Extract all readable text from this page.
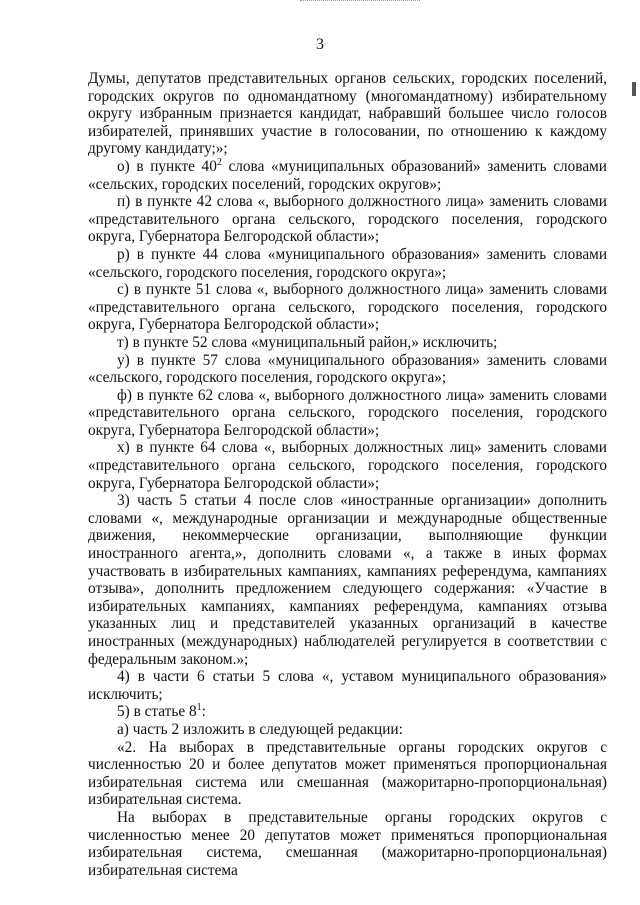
3

Думы, депутатов представительных органов сельских, городских поселений, городских округов по одномандатному (многомандатному) избирательному округу избранным признается кандидат, набравший большее число голосов избирателей, принявших участие в голосовании, по отношению к каждому другому кандидату;»;

о) в пункте $40^2$ слова «муниципальных образований» заменить словами «сельских, городских поселений, городских округов»;

п) в пункте 42 слова «, выборного должностного лица» заменить словами «представительного органа сельского, городского поселения, городского округа, Губернатора Белгородской области»;

р) в пункте 44 слова «муниципального образования» заменить словами «сельского, городского поселения, городского округа»;

с) в пункте 51 слова «, выборного должностного лица» заменить словами «представительного органа сельского, городского поселения, городского округа, Губернатора Белгородской области»;

т) в пункте 52 слова «муниципальный район,» исключить;

у) в пункте 57 слова «муниципального образования» заменить словами «сельского, городского поселения, городского округа»;

ф) в пункте 62 слова «, выборного должностного лица» заменить словами «представительного органа сельского, городского поселения, городского округа, Губернатора Белгородской области»;

х) в пункте 64 слова «, выборных должностных лиц» заменить словами «представительного органа сельского, городского поселения, городского округа, Губернатора Белгородской области»;

3) часть 5 статьи 4 после слов «иностранные организации» дополнить словами «, международные организации и международные общественные движения, некоммерческие организации, выполняющие функции иностранного агента,», дополнить словами «, а также в иных формах участвовать в избирательных кампаниях, кампаниях референдума, кампаниях отзыва», дополнить предложением следующего содержания: «Участие в избирательных кампаниях, кампаниях референдума, кампаниях отзыва указанных лиц и представителей указанных организаций в качестве иностранных (международных) наблюдателей регулируется в соответствии с федеральным законом.»;

4) в части 6 статьи 5 слова «, уставом муниципального образования» исключить;

5) в статье $8^1$:

а) часть 2 изложить в следующей редакции:

«2. На выборах в представительные органы городских округов с численностью 20 и более депутатов может применяться пропорциональная избирательная система или смешанная (мажоритарно-пропорциональная) избирательная система.

На выборах в представительные органы городских округов с численностью менее 20 депутатов может применяться пропорциональная избирательная система, смешанная (мажоритарно-пропорциональная) избирательная система
